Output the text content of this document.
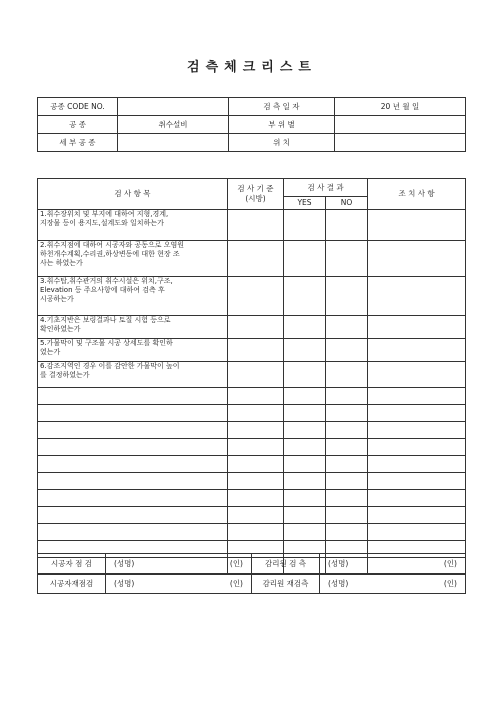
검측체크리스트
공종 CODE NO.		검 측 일 자	20 년 월 일
공 종	취수설비	부 위 별	
세 부 공 종		위 치	
검 사 항 목	검 사 기 준
(시방)	검 사 결 과		조 치 사 항
		YES	NO	

1.취수장위치 및 부지에 대하여 지형,경계,
지장물 등이 용지도,설계도와 일치하는가				

2.취수지점에 대하여 시공자와 공동으로 오염원
하천개수계획,수리권,하상변동에 대한 현장 조
사는 하였는가				

3.취수탑,취수관거의 취수시설은 위치,구조,
Elevation 등 주요사항에 대하여 검측 후
시공하는가				

4.기초지반은 보링결과나 토질 시험 등으로
확인하였는가				

5.가물막이 및 구조물 시공 상세도를 확인하
였는가				

6.감조지역인 경우 이를 감안한 가물막이 높이
를 결정하였는가				

시공자 점 검	(성명) (인)	감리원 검 측	(성명) (인)

시공자재점검	(성명) (인)	감리원 재검측	(성명) (인)
